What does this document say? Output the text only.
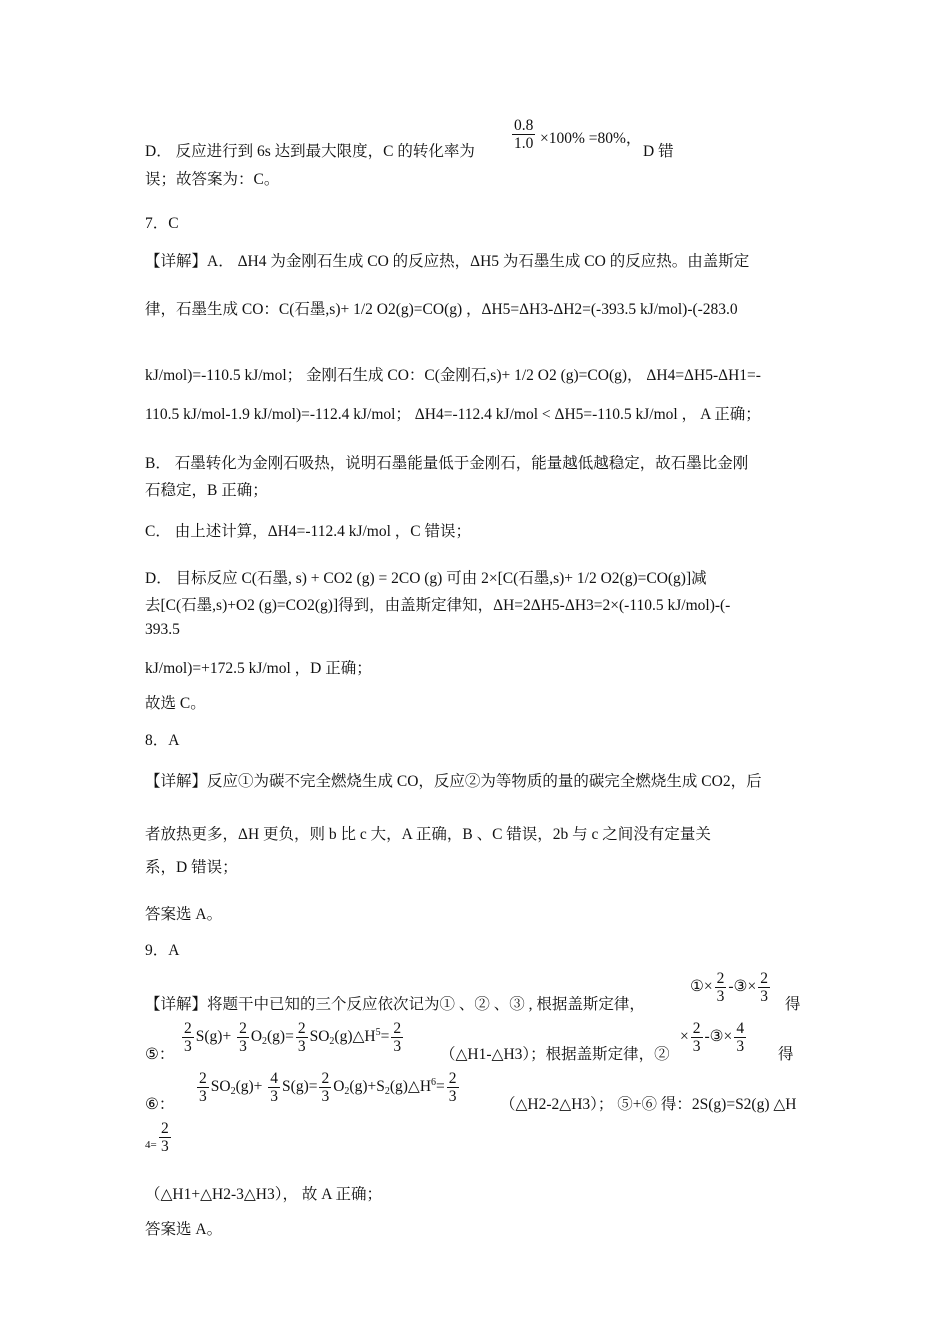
D． 反应进行到 6s 达到最大限度，C 的转化率为 $\frac{0.8}{1.0} \times 100\% =80\%$，
D 错
误；故答案为：C。
7．C
【详解】A． ΔH4 为金刚石生成 CO 的反应热，ΔH5 为石墨生成 CO 的反应热。由盖斯定
律，石墨生成 CO：C(石墨,s)+ 1/2 O2(g)=CO(g) ，ΔH5=ΔH3-ΔH2=(-393.5 kJ/mol)-(-283.0
kJ/mol)=-110.5 kJ/mol； 金刚石生成 CO：C(金刚石,s)+ 1/2 O2 (g)=CO(g)， ΔH4=ΔH5-ΔH1=-
110.5 kJ/mol-1.9 kJ/mol)=-112.4 kJ/mol； ΔH4=-112.4 kJ/mol < ΔH5=-110.5 kJ/mol ， A 正确；
B． 石墨转化为金刚石吸热，说明石墨能量低于金刚石，能量越低越稳定，故石墨比金刚
石稳定，B 正确；
C． 由上述计算，ΔH4=-112.4 kJ/mol ，C 错误；
D． 目标反应 C(石墨, s) + CO2 (g) = 2CO (g) 可由 2×[C(石墨,s)+ 1/2 O2(g)=CO(g)]减
去[C(石墨,s)+O2 (g)=CO2(g)]得到，由盖斯定律知，ΔH=2ΔH5-ΔH3=2×(-110.5 kJ/mol)-(-
393.5
kJ/mol)=+172.5 kJ/mol ，D 正确；
故选 C。
8．A
【详解】反应①为碳不完全燃烧生成 CO，反应②为等物质的量的碳完全燃烧生成 CO2，后
者放热更多，ΔH 更负，则 b 比 c 大，A 正确，B 、C 错误，2b 与 c 之间没有定量关
系，D 错误；
答案选 A。
9．A
【详解】将题干中已知的三个反应依次记为① 、② 、③ , 根据盖斯定律，
①× $\frac{2}{3}$ -③× $\frac{2}{3}$ 得
⑤： $\frac{2}{3} S(g)+ \frac{2}{3} O_2(g)= \frac{2}{3}$ $SO_2(g)\triangle H^5= \frac{2}{3}$ （△H1-△H3）；根据盖斯定律，②
× $\frac{2}{3}$ -③× $\frac{4}{3}$ 得
⑥： $\frac{2}{3} SO_2(g)+ \frac{4}{3} S(g)= \frac{2}{3}$ $O_2(g)+S_2(g)\triangle H^6= \frac{2}{3}$	（△H2-2△H3）； ⑤+⑥ 得：2S(g)=S2(g) △H
$4= \frac{2}{3}$
（△H1+△H2-3△H3）， 故 A 正确；
答案选 A。
